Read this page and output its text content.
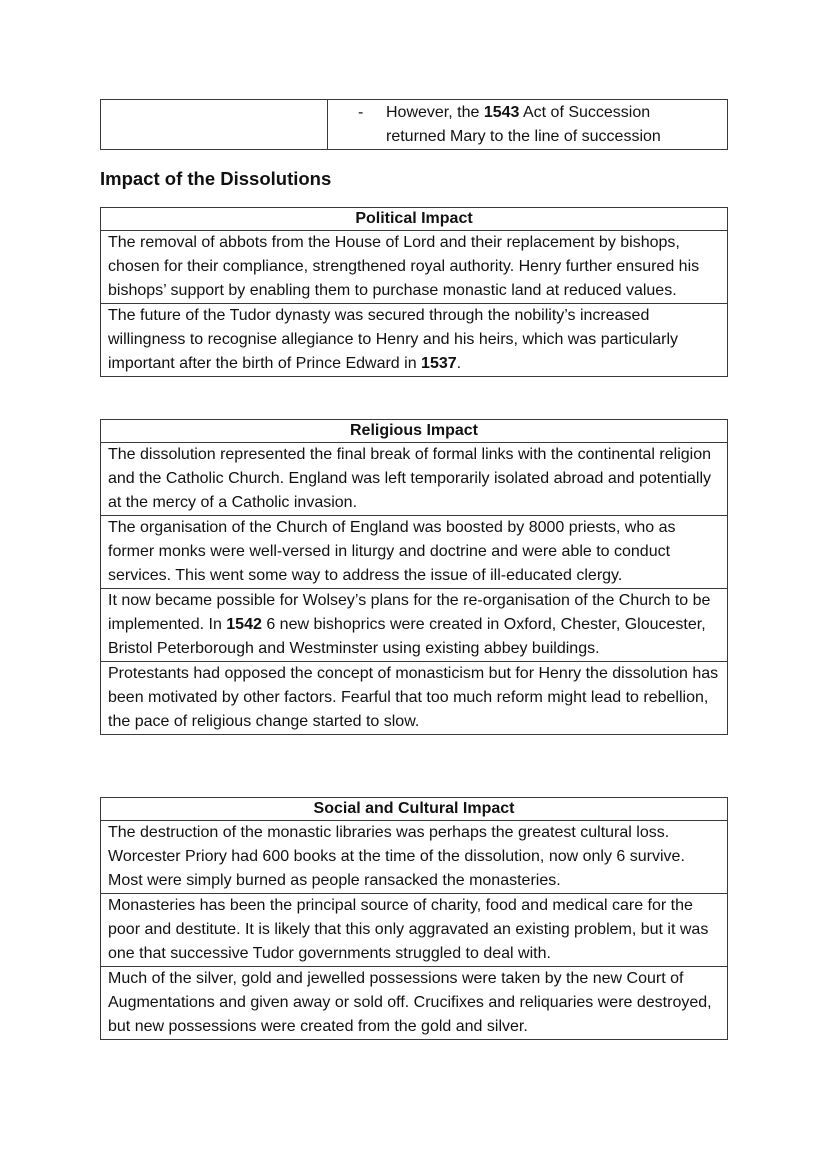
-	However, the 1543 Act of Succession
returned Mary to the line of succession
Impact of the Dissolutions
Political Impact
The removal of abbots from the House of Lord and their replacement by bishops, chosen for their compliance, strengthened royal authority. Henry further ensured his bishops’ support by enabling them to purchase monastic land at reduced values.
The future of the Tudor dynasty was secured through the nobility’s increased willingness to recognise allegiance to Henry and his heirs, which was particularly important after the birth of Prince Edward in 1537.
Religious Impact
The dissolution represented the final break of formal links with the continental religion and the Catholic Church. England was left temporarily isolated abroad and potentially at the mercy of a Catholic invasion.
The organisation of the Church of England was boosted by 8000 priests, who as former monks were well-versed in liturgy and doctrine and were able to conduct services. This went some way to address the issue of ill-educated clergy.
It now became possible for Wolsey’s plans for the re-organisation of the Church to be implemented. In 1542 6 new bishoprics were created in Oxford, Chester, Gloucester, Bristol Peterborough and Westminster using existing abbey buildings.
Protestants had opposed the concept of monasticism but for Henry the dissolution has been motivated by other factors. Fearful that too much reform might lead to rebellion, the pace of religious change started to slow.
Social and Cultural Impact
The destruction of the monastic libraries was perhaps the greatest cultural loss. Worcester Priory had 600 books at the time of the dissolution, now only 6 survive. Most were simply burned as people ransacked the monasteries.
Monasteries has been the principal source of charity, food and medical care for the poor and destitute. It is likely that this only aggravated an existing problem, but it was one that successive Tudor governments struggled to deal with.
Much of the silver, gold and jewelled possessions were taken by the new Court of Augmentations and given away or sold off. Crucifixes and reliquaries were destroyed, but new possessions were created from the gold and silver.
